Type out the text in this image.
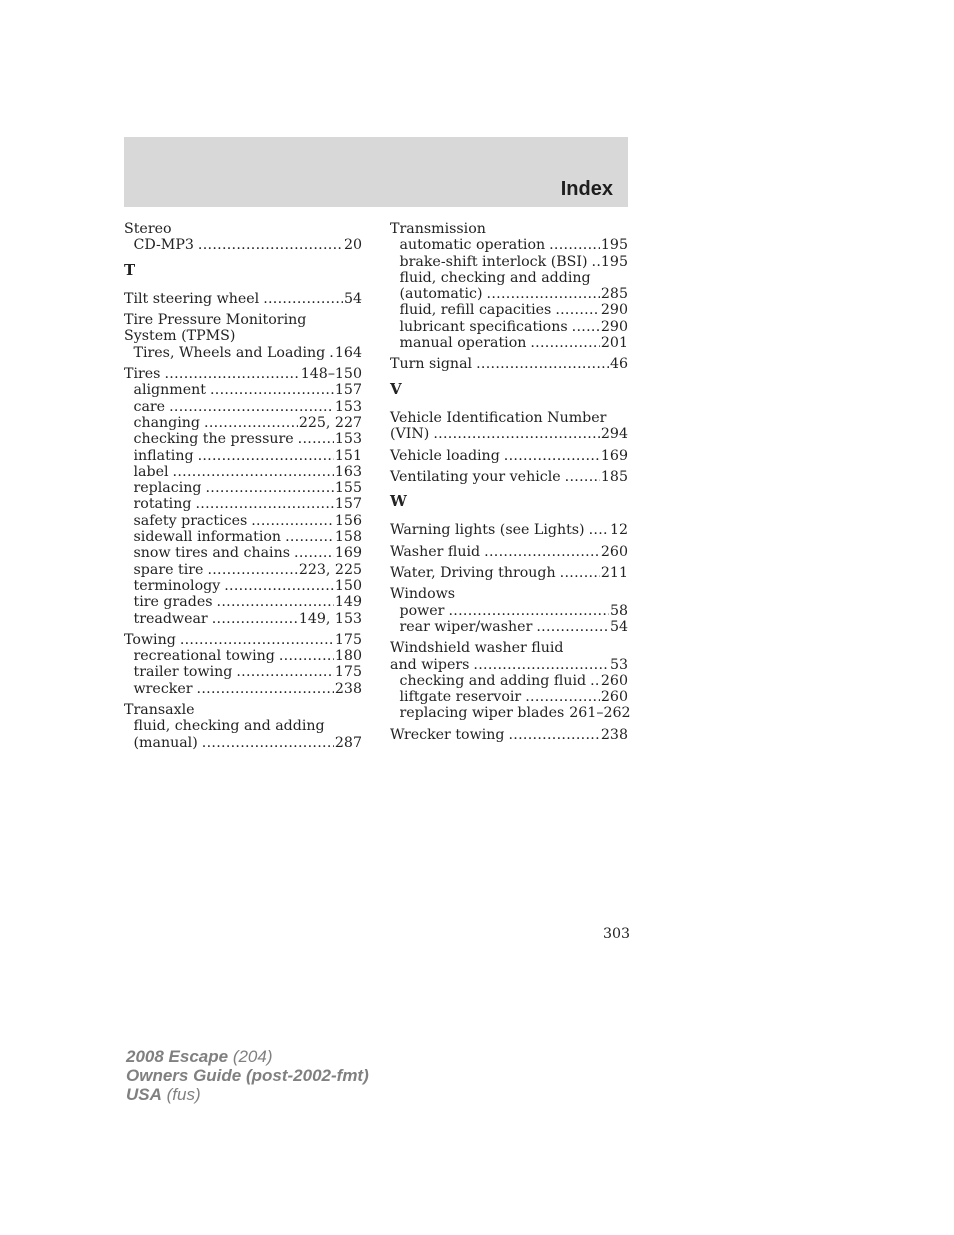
Index
Stereo
CD-MP3 .....	20
T
Tilt steering wheel .....	54
Tire Pressure Monitoring
System (TPMS)
Tires, Wheels and Loading ..... 164
Tires .....	148–150
alignment .....	157
care .....	153
changing .....	225, 227
checking the pressure .....	153
inflating .....	151
label .....	163
replacing .....	155
rotating .....	157
safety practices .....	156
sidewall information .....	158
snow tires and chains .....	169
spare tire .....	223, 225
terminology .....	150
tire grades .....	149
treadwear .....	149, 153
Towing .....	175
recreational towing .....	180
trailer towing .....	175
wrecker .....	238
Transaxle
fluid, checking and adding
(manual) .....	287
Transmission
automatic operation .....	195
brake-shift interlock (BSI) ..... 195
fluid, checking and adding
(automatic) .....	285
fluid, refill capacities .....	290
lubricant specifications ..... 290
manual operation .....	201
Turn signal .....	46
V
Vehicle Identification Number
(VIN) .....	294
Vehicle loading .....	169
Ventilating your vehicle .....	185
W
Warning lights (see Lights) ..... 12
Washer fluid .....	260
Water, Driving through .....	211
Windows
power .....	58
rear wiper/washer .....	54
Windshield washer fluid
and wipers .....	53
checking and adding fluid ..... 260
liftgate reservoir .....	260
replacing wiper blades 261–262
Wrecker towing .....	238
303
2008 Escape (204)
Owners Guide (post-2002-fmt)
USA (fus)
